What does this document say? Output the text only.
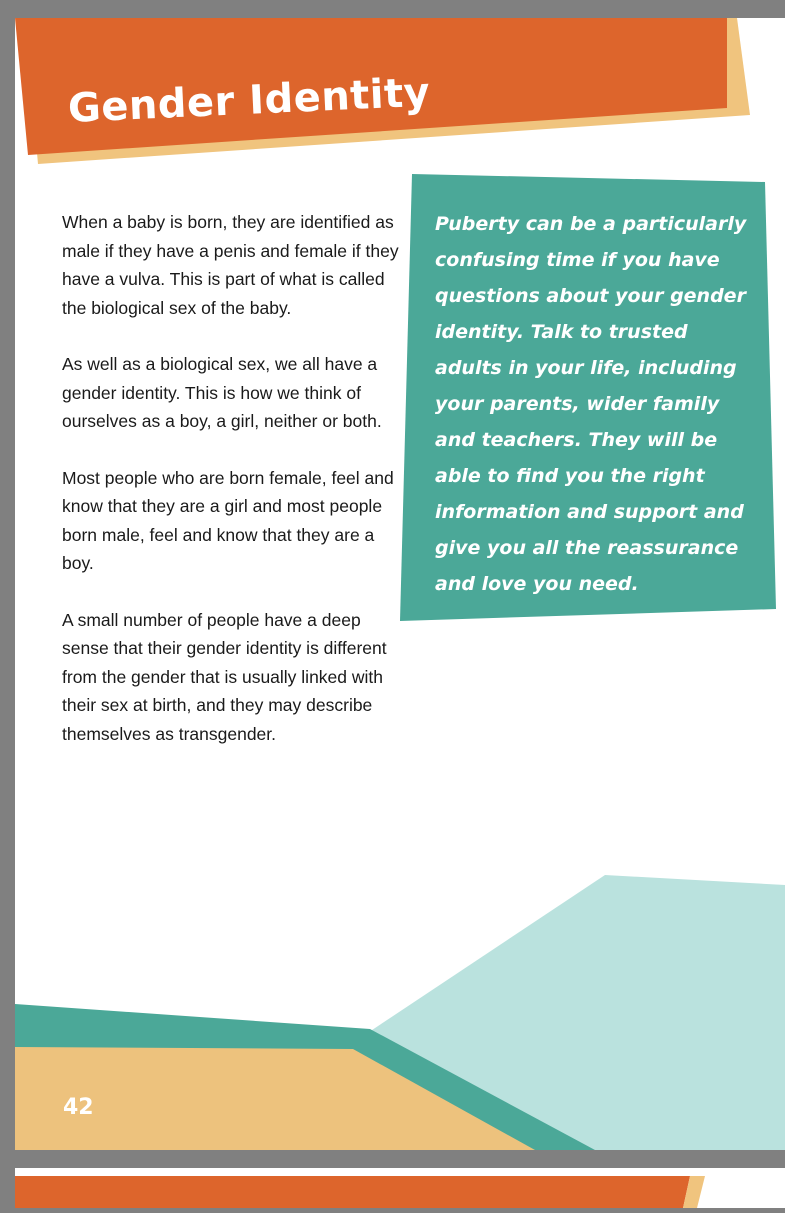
Gender Identity

When a baby is born, they are identified as male if they have a penis and female if they have a vulva. This is part of what is called the biological sex of the baby.

As well as a biological sex, we all have a gender identity. This is how we think of ourselves as a boy, a girl, neither or both.

Most people who are born female, feel and know that they are a girl and most people born male, feel and know that they are a boy.

A small number of people have a deep sense that their gender identity is different from the gender that is usually linked with their sex at birth, and they may describe themselves as transgender.

Puberty can be a particularly confusing time if you have questions about your gender identity. Talk to trusted adults in your life, including your parents, wider family and teachers. They will be able to find you the right information and support and give you all the reassurance and love you need.

42
